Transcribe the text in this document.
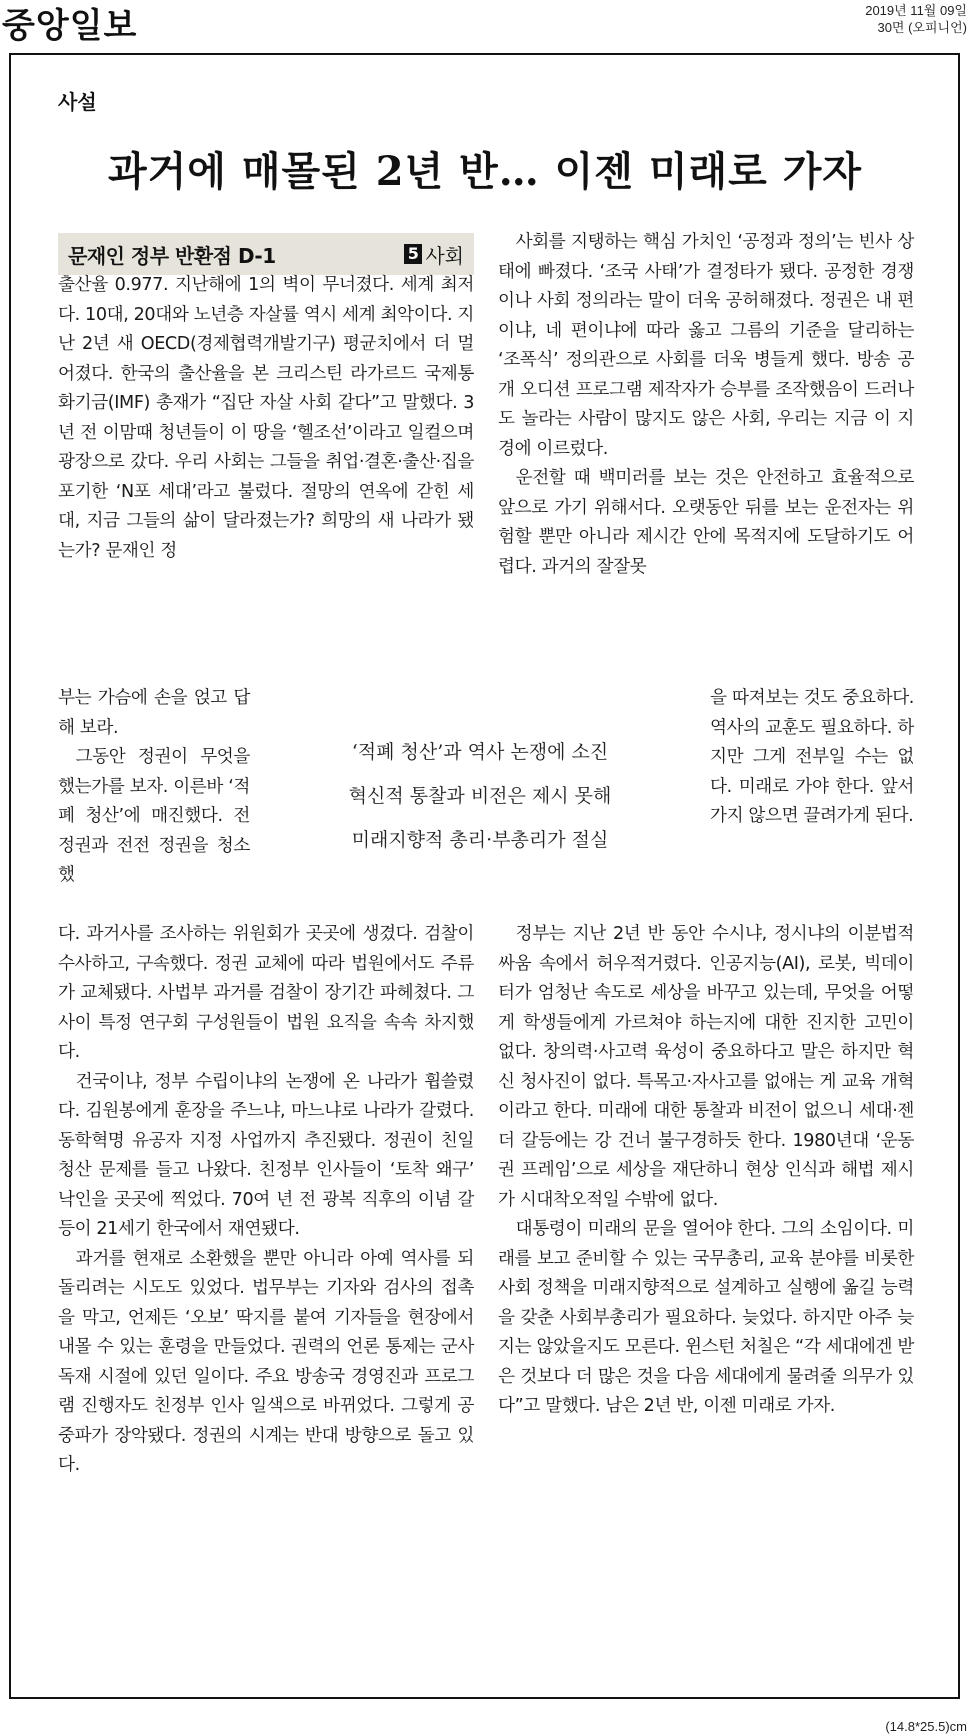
중앙일보	2019년 11월 09일
30면 (오피니언)
사설
과거에 매몰된 2년 반… 이젠 미래로 가자
문재인 정부 반환점 D-1	5 사회

출산율 0.977. 지난해에 1의 벽이 무너졌다. 세계 최저다. 10대, 20대와 노년층 자살률 역시 세계 최악이다. 지난 2년 새 OECD(경제협력개발기구) 평균치에서 더 멀어졌다. 한국의 출산율을 본 크리스틴 라가르드 국제통화기금(IMF) 총재가 “집단 자살 사회 같다”고 말했다. 3년 전 이맘때 청년들이 이 땅을 ‘헬조선’이라고 일컬으며 광장으로 갔다. 우리 사회는 그들을 취업·결혼·출산·집을 포기한 ‘N포 세대’라고 불렀다. 절망의 연옥에 갇힌 세대, 지금 그들의 삶이 달라졌는가? 희망의 새 나라가 됐는가? 문재인 정

부는 가슴에 손을 얹고 답해 보라.

그동안 정권이 무엇을 했는가를 보자. 이른바 ‘적폐 청산’에 매진했다. 전 정권과 전전 정권을 청소했

‘적폐 청산’과 역사 논쟁에 소진
혁신적 통찰과 비전은 제시 못해
미래지향적 총리·부총리가 절실

다. 과거사를 조사하는 위원회가 곳곳에 생겼다. 검찰이 수사하고, 구속했다. 정권 교체에 따라 법원에서도 주류가 교체됐다. 사법부 과거를 검찰이 장기간 파헤쳤다. 그사이 특정 연구회 구성원들이 법원 요직을 속속 차지했다.

건국이냐, 정부 수립이냐의 논쟁에 온 나라가 휩쓸렸다. 김원봉에게 훈장을 주느냐, 마느냐로 나라가 갈렸다. 동학혁명 유공자 지정 사업까지 추진됐다. 정권이 친일 청산 문제를 들고 나왔다. 친정부 인사들이 ‘토착 왜구’ 낙인을 곳곳에 찍었다. 70여 년 전 광복 직후의 이념 갈등이 21세기 한국에서 재연됐다.

과거를 현재로 소환했을 뿐만 아니라 아예 역사를 되돌리려는 시도도 있었다. 법무부는 기자와 검사의 접촉을 막고, 언제든 ‘오보’ 딱지를 붙여 기자들을 현장에서 내몰 수 있는 훈령을 만들었다. 권력의 언론 통제는 군사 독재 시절에 있던 일이다. 주요 방송국 경영진과 프로그램 진행자도 친정부 인사 일색으로 바뀌었다. 그렇게 공중파가 장악됐다. 정권의 시계는 반대 방향으로 돌고 있다.

사회를 지탱하는 핵심 가치인 ‘공정과 정의’는 빈사 상태에 빠졌다. ‘조국 사태’가 결정타가 됐다. 공정한 경쟁이나 사회 정의라는 말이 더욱 공허해졌다. 정권은 내 편이냐, 네 편이냐에 따라 옳고 그름의 기준을 달리하는 ‘조폭식’ 정의관으로 사회를 더욱 병들게 했다. 방송 공개 오디션 프로그램 제작자가 승부를 조작했음이 드러나도 놀라는 사람이 많지도 않은 사회, 우리는 지금 이 지경에 이르렀다.

운전할 때 백미러를 보는 것은 안전하고 효율적으로 앞으로 가기 위해서다. 오랫동안 뒤를 보는 운전자는 위험할 뿐만 아니라 제시간 안에 목적지에 도달하기도 어렵다. 과거의 잘잘못

을 따져보는 것도 중요하다. 역사의 교훈도 필요하다. 하지만 그게 전부일 수는 없다. 미래로 가야 한다. 앞서가지 않으면 끌려가게 된다.

정부는 지난 2년 반 동안 수시냐, 정시냐의 이분법적 싸움 속에서 허우적거렸다. 인공지능(AI), 로봇, 빅데이터가 엄청난 속도로 세상을 바꾸고 있는데, 무엇을 어떻게 학생들에게 가르쳐야 하는지에 대한 진지한 고민이 없다. 창의력·사고력 육성이 중요하다고 말은 하지만 혁신 청사진이 없다. 특목고·자사고를 없애는 게 교육 개혁이라고 한다. 미래에 대한 통찰과 비전이 없으니 세대·젠더 갈등에는 강 건너 불구경하듯 한다. 1980년대 ‘운동권 프레임’으로 세상을 재단하니 현상 인식과 해법 제시가 시대착오적일 수밖에 없다.

대통령이 미래의 문을 열어야 한다. 그의 소임이다. 미래를 보고 준비할 수 있는 국무총리, 교육 분야를 비롯한 사회 정책을 미래지향적으로 설계하고 실행에 옮길 능력을 갖춘 사회부총리가 필요하다. 늦었다. 하지만 아주 늦지는 않았을지도 모른다. 윈스턴 처칠은 “각 세대에겐 받은 것보다 더 많은 것을 다음 세대에게 물려줄 의무가 있다”고 말했다. 남은 2년 반, 이젠 미래로 가자.

(14.8*25.5)cm
